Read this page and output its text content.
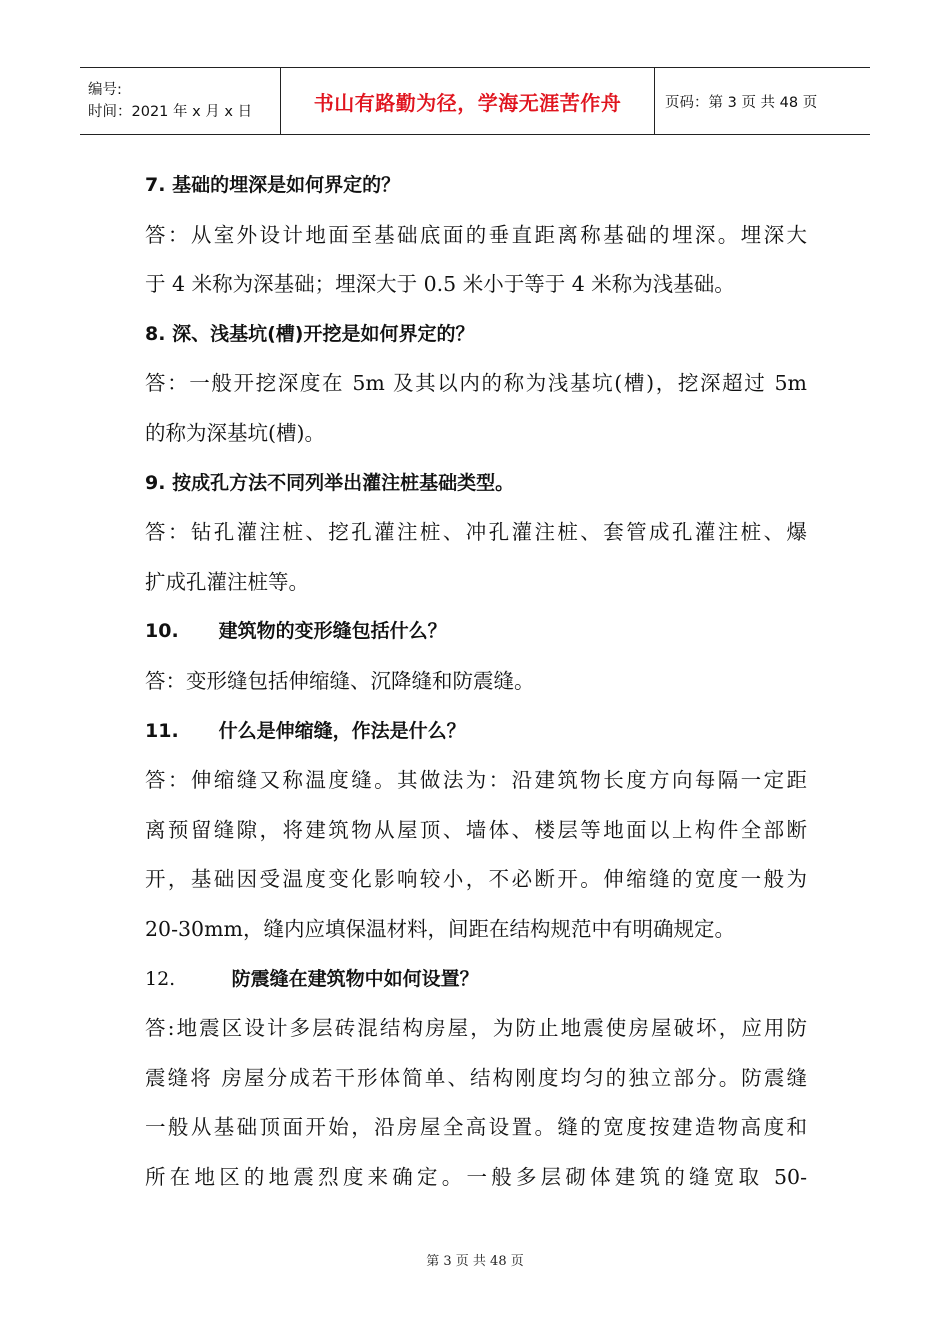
编号:
时间：2021 年 x 月 x 日	书山有路勤为径，学海无涯苦作舟	页码：第 3 页 共 48 页
7. 基础的埋深是如何界定的？
答：从室外设计地面至基础底面的垂直距离称基础的埋深。埋深大
于 4 米称为深基础；埋深大于 0.5 米小于等于 4 米称为浅基础。
8. 深、浅基坑(槽)开挖是如何界定的？
答：一般开挖深度在 5m 及其以内的称为浅基坑(槽)，挖深超过 5m
的称为深基坑(槽)。
9. 按成孔方法不同列举出灌注桩基础类型。
答：钻孔灌注桩、挖孔灌注桩、冲孔灌注桩、套管成孔灌注桩、爆
扩成孔灌注桩等。
10. 建筑物的变形缝包括什么？
答：变形缝包括伸缩缝、沉降缝和防震缝。
11. 什么是伸缩缝，作法是什么？
答：伸缩缝又称温度缝。其做法为：沿建筑物长度方向每隔一定距
离预留缝隙，将建筑物从屋顶、墙体、楼层等地面以上构件全部断
开，基础因受温度变化影响较小，不必断开。伸缩缝的宽度一般为
20-30mm，缝内应填保温材料，间距在结构规范中有明确规定。
12.	防震缝在建筑物中如何设置？
答:地震区设计多层砖混结构房屋，为防止地震使房屋破坏，应用防
震缝将 房屋分成若干形体简单、结构刚度均匀的独立部分。防震缝
一般从基础顶面开始，沿房屋全高设置。缝的宽度按建造物高度和
所在地区的地震烈度来确定。一般多层砌体建筑的缝宽取 50-
第 3 页 共 48 页
